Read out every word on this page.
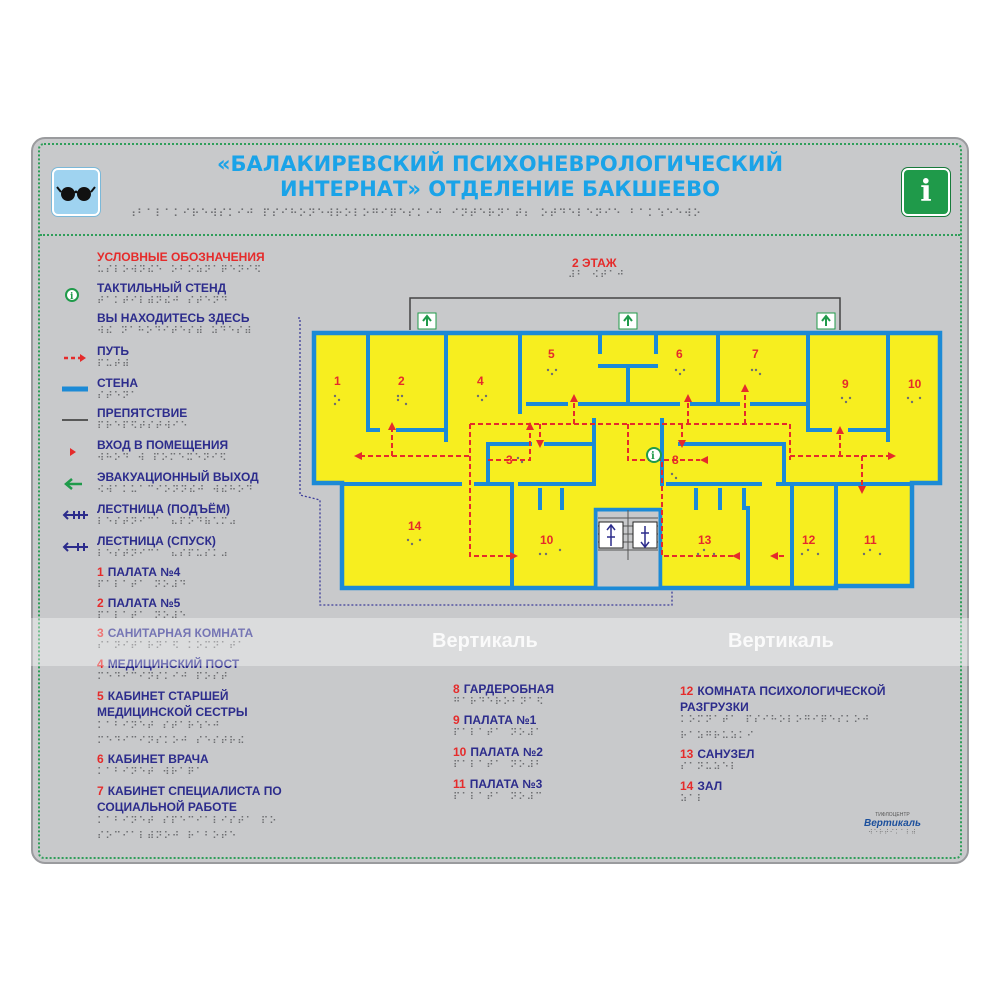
i
«БАЛАКИРЕВСКИЙ ПСИХОНЕВРОЛОГИЧЕСКИЙ
ИНТЕРНАТ» ОТДЕЛЕНИЕ БАКШЕЕВО
⠰⠃⠁⠇⠁⠅⠊⠗⠑⠺⠎⠅⠊⠚ ⠏⠎⠊⠓⠕⠝⠑⠺⠗⠕⠇⠕⠛⠊⠟⠑⠎⠅⠊⠚ ⠊⠝⠞⠑⠗⠝⠁⠞⠆ ⠕⠞⠙⠑⠇⠑⠝⠊⠑ ⠃⠁⠅⠱⠑⠑⠺⠕
УСЛОВНЫЕ ОБОЗНАЧЕНИЯ
⠥⠎⠇⠕⠺⠝⠮⠑ ⠕⠃⠕⠵⠝⠁⠟⠑⠝⠊⠫
i
ТАКТИЛЬНЫЙ СТЕНД
⠞⠁⠅⠞⠊⠇⠾⠝⠮⠚ ⠎⠞⠑⠝⠙
ВЫ НАХОДИТЕСЬ ЗДЕСЬ
⠺⠮ ⠝⠁⠓⠕⠙⠊⠞⠑⠎⠾ ⠵⠙⠑⠎⠾
ПУТЬ
⠏⠥⠞⠾
СТЕНА
⠎⠞⠑⠝⠁
ПРЕПЯТСТВИЕ
⠏⠗⠑⠏⠫⠞⠎⠞⠺⠊⠑
ВХОД В ПОМЕЩЕНИЯ
⠺⠓⠕⠙ ⠺ ⠏⠕⠍⠑⠭⠑⠝⠊⠫
ЭВАКУАЦИОННЫЙ ВЫХОД
⠪⠺⠁⠅⠥⠁⠉⠊⠕⠝⠝⠮⠚ ⠺⠮⠓⠕⠙
ЛЕСТНИЦА (ПОДЪЁМ)
⠇⠑⠎⠞⠝⠊⠉⠁ ⠦⠏⠕⠙⠷⠡⠍⠴
ЛЕСТНИЦА (СПУСК)
⠇⠑⠎⠞⠝⠊⠉⠁ ⠦⠎⠏⠥⠎⠅⠴
1 ПАЛАТА №4
⠏⠁⠇⠁⠞⠁ ⠝⠕⠼⠙
2 ПАЛАТА №5
⠏⠁⠇⠁⠞⠁ ⠝⠕⠼⠑
3 САНИТАРНАЯ КОМНАТА
⠎⠁⠝⠊⠞⠁⠗⠝⠁⠫ ⠅⠕⠍⠝⠁⠞⠁
4 МЕДИЦИНСКИЙ ПОСТ
⠍⠑⠙⠊⠉⠊⠝⠎⠅⠊⠚ ⠏⠕⠎⠞
5 КАБИНЕТ СТАРШЕЙ
МЕДИЦИНСКОЙ СЕСТРЫ
⠅⠁⠃⠊⠝⠑⠞ ⠎⠞⠁⠗⠱⠑⠚
⠍⠑⠙⠊⠉⠊⠝⠎⠅⠕⠚ ⠎⠑⠎⠞⠗⠮
6 КАБИНЕТ ВРАЧА
⠅⠁⠃⠊⠝⠑⠞ ⠺⠗⠁⠟⠁
7 КАБИНЕТ СПЕЦИАЛИСТА ПО
СОЦИАЛЬНОЙ РАБОТЕ
⠅⠁⠃⠊⠝⠑⠞ ⠎⠏⠑⠉⠊⠁⠇⠊⠎⠞⠁ ⠏⠕
⠎⠕⠉⠊⠁⠇⠾⠝⠕⠚ ⠗⠁⠃⠕⠞⠑
8 ГАРДЕРОБНАЯ
⠛⠁⠗⠙⠑⠗⠕⠃⠝⠁⠫
9 ПАЛАТА №1
⠏⠁⠇⠁⠞⠁ ⠝⠕⠼⠁
10 ПАЛАТА №2
⠏⠁⠇⠁⠞⠁ ⠝⠕⠼⠃
11 ПАЛАТА №3
⠏⠁⠇⠁⠞⠁ ⠝⠕⠼⠉
12 КОМНАТА ПСИХОЛОГИЧЕСКОЙ
РАЗГРУЗКИ
⠅⠕⠍⠝⠁⠞⠁ ⠏⠎⠊⠓⠕⠇⠕⠛⠊⠟⠑⠎⠅⠕⠚
⠗⠁⠵⠛⠗⠥⠵⠅⠊
13 САНУЗЕЛ
⠎⠁⠝⠥⠵⠑⠇
14 ЗАЛ
⠵⠁⠇
2 ЭТАЖ
⠼⠃ ⠪⠞⠁⠚
i
1	2
3
4
5	6	7
8
9	10
10	11
12
13
14
Вертикаль	Вертикаль
ТИФЛОЦЕНТР
Вертикаль
⠺⠑⠗⠞⠊⠅⠁⠇⠾
